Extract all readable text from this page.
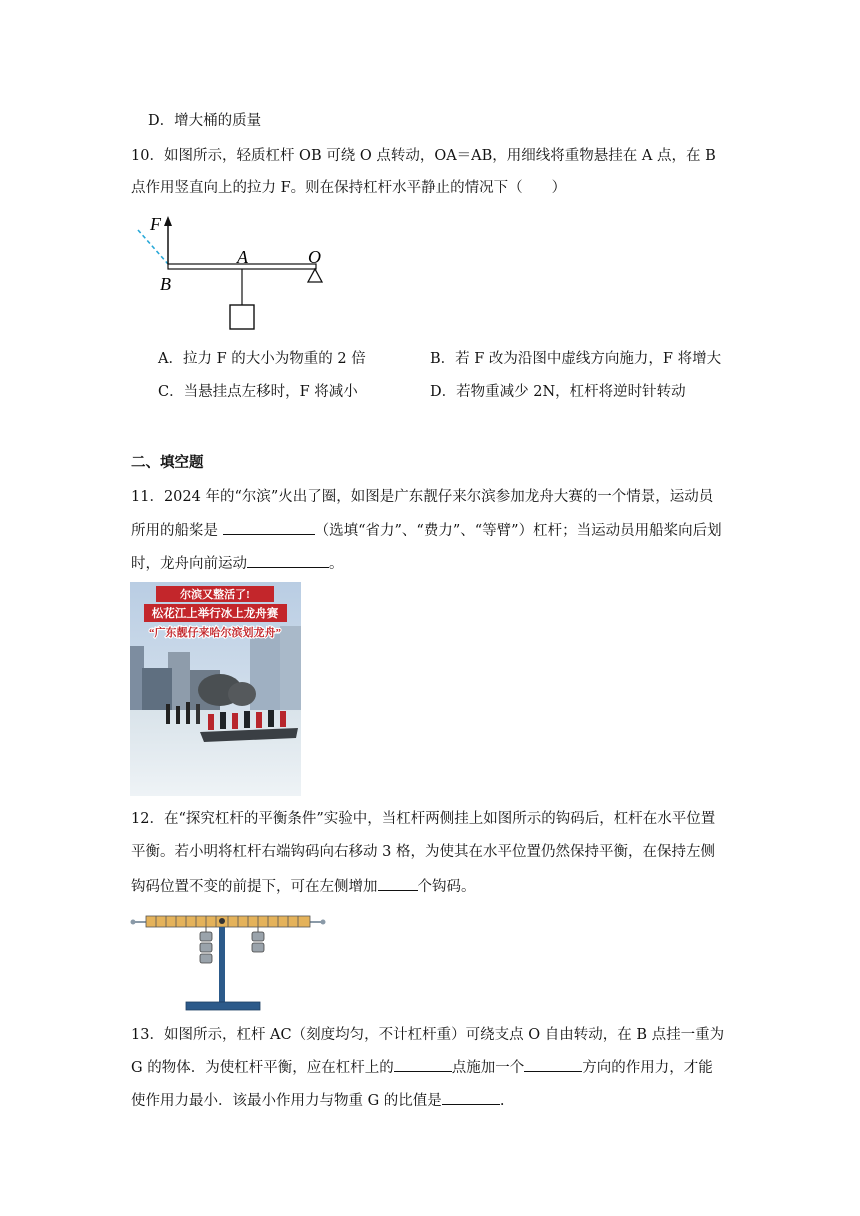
D．增大桶的质量
10．如图所示，轻质杠杆 OB 可绕 O 点转动，OA＝AB，用细线将重物悬挂在 A 点，在 B
点作用竖直向上的拉力 F。则在保持杠杆水平静止的情况下（　　）
F
A	O
B
A．拉力 F 的大小为物重的 2 倍	B．若 F 改为沿图中虚线方向施力，F 将增大
C．当悬挂点左移时，F 将减小	D．若物重减少 2N，杠杆将逆时针转动
二、填空题
11．2024 年的“尔滨”火出了圈，如图是广东靓仔来尔滨参加龙舟大赛的一个情景，运动员
所用的船桨是	（选填“省力”、“费力”、“等臂”）杠杆；当运动员用船桨向后划
时，龙舟向前运动	。
尔滨又整活了!
松花江上举行冰上龙舟赛
“广东靓仔来哈尔滨划龙舟”
12．在“探究杠杆的平衡条件”实验中，当杠杆两侧挂上如图所示的钩码后，杠杆在水平位置
平衡。若小明将杠杆右端钩码向右移动 3 格，为使其在水平位置仍然保持平衡，在保持左侧
钩码位置不变的前提下，可在左侧增加	个钩码。
13．如图所示，杠杆 AC（刻度均匀，不计杠杆重）可绕支点 O 自由转动，在 B 点挂一重为
G 的物体．为使杠杆平衡，应在杠杆上的	点施加一个	方向的作用力，才能
使作用力最小．该最小作用力与物重 G 的比值是	.
